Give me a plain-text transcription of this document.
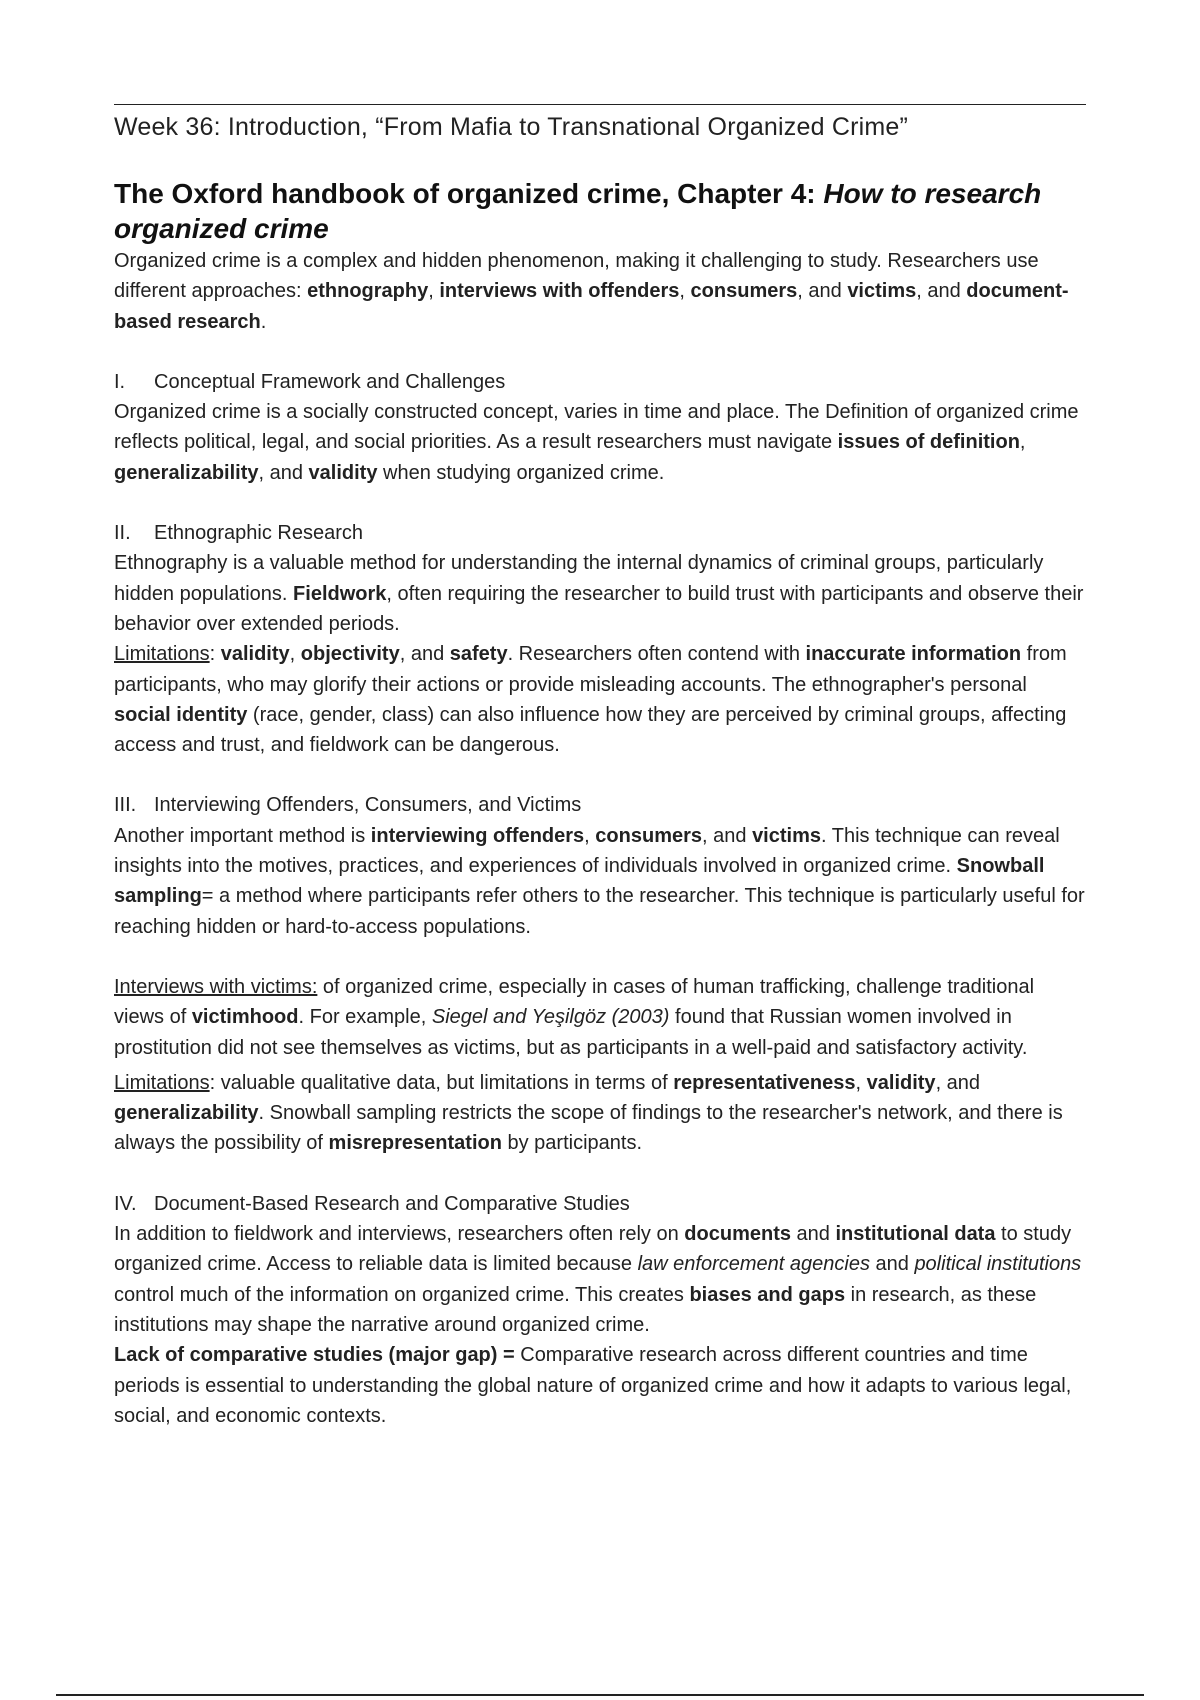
Week 36: Introduction, “From Mafia to Transnational Organized Crime”
The Oxford handbook of organized crime, Chapter 4: How to research organized crime

Organized crime is a complex and hidden phenomenon, making it challenging to study. Researchers use different approaches: ethnography, interviews with offenders, consumers, and victims, and document-based research.

I. Conceptual Framework and Challenges

Organized crime is a socially constructed concept, varies in time and place. The Definition of organized crime reflects political, legal, and social priorities. As a result researchers must navigate issues of definition, generalizability, and validity when studying organized crime.

II. Ethnographic Research

Ethnography is a valuable method for understanding the internal dynamics of criminal groups, particularly hidden populations. Fieldwork, often requiring the researcher to build trust with participants and observe their behavior over extended periods.

Limitations: validity, objectivity, and safety. Researchers often contend with inaccurate information from participants, who may glorify their actions or provide misleading accounts. The ethnographer's personal social identity (race, gender, class) can also influence how they are perceived by criminal groups, affecting access and trust, and fieldwork can be dangerous.

III. Interviewing Offenders, Consumers, and Victims

Another important method is interviewing offenders, consumers, and victims. This technique can reveal insights into the motives, practices, and experiences of individuals involved in organized crime. Snowball sampling= a method where participants refer others to the researcher. This technique is particularly useful for reaching hidden or hard-to-access populations.

Interviews with victims: of organized crime, especially in cases of human trafficking, challenge traditional views of victimhood. For example, Siegel and Yeşilgöz (2003) found that Russian women involved in prostitution did not see themselves as victims, but as participants in a well-paid and satisfactory activity.

Limitations: valuable qualitative data, but limitations in terms of representativeness, validity, and generalizability. Snowball sampling restricts the scope of findings to the researcher's network, and there is always the possibility of misrepresentation by participants.

IV. Document-Based Research and Comparative Studies

In addition to fieldwork and interviews, researchers often rely on documents and institutional data to study organized crime. Access to reliable data is limited because law enforcement agencies and political institutions control much of the information on organized crime. This creates biases and gaps in research, as these institutions may shape the narrative around organized crime.
Lack of comparative studies (major gap) = Comparative research across different countries and time periods is essential to understanding the global nature of organized crime and how it adapts to various legal, social, and economic contexts.
